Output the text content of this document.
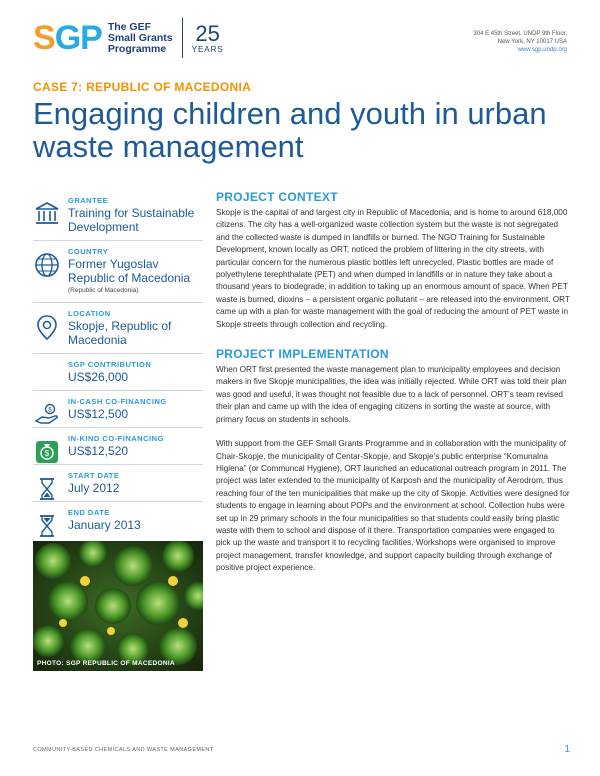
SGP The GEF
Small Grants
Programme
25
YEARS
304 E 45th Street, UNDP 9th Floor,
New York, NY 10017 USA
www.sgp.undp.org
CASE 7: REPUBLIC OF MACEDONIA
Engaging children and youth in urban waste management
GRANTEE
Training for Sustainable Development
COUNTRY
Former Yugoslav Republic of Macedonia
(Republic of Macedonia)
LOCATION
Skopje, Republic of Macedonia
SGP CONTRIBUTION
US$26,000
$
IN-CASH CO-FINANCING
US$12,500
$
IN-KIND CO-FINANCING
US$12,520
START DATE
July 2012
END DATE
January 2013
PHOTO: SGP REPUBLIC OF MACEDONIA
PROJECT CONTEXT

Skopje is the capital of and largest city in Republic of Macedonia, and is home to around 618,000 citizens. The city has a well-organized waste collection system but the waste is not segregated and the collected waste is dumped in landfills or burned. The NGO Training for Sustainable Development, known locally as ORT, noticed the problem of littering in the city streets, with particular concern for the numerous plastic bottles left unrecycled. Plastic bottles are made of polyethylene terephthalate (PET) and when dumped in landfills or in nature they take about a thousand years to biodegrade, in addition to taking up an enormous amount of space. When PET waste is burned, dioxins – a persistent organic pollutant – are released into the environment. ORT came up with a plan for waste management with the goal of reducing the amount of PET waste in Skopje streets through collection and recycling.

PROJECT IMPLEMENTATION

When ORT first presented the waste management plan to municipality employees and decision makers in five Skopje municipalities, the idea was initially rejected. While ORT was told their plan was good and useful, it was thought not feasible due to a lack of personnel. ORT’s team revised their plan and came up with the idea of engaging citizens in sorting the waste at source, with primary focus on students in schools.

With support from the GEF Small Grants Programme and in collaboration with the municipality of Chair-Skopje, the municipality of Centar-Skopje, and Skopje’s public enterprise “Komunalna Higiena” (or Communcal Hygiene), ORT launched an educational outreach program in 2011. The project was later extended to the municipality of Karposh and the municipality of Aerodrom, thus reaching four of the ten municipalities that make up the city of Skopje. Activities were designed for students to engage in learning about POPs and the environment at school. Collection hubs were set up in 29 primary schools in the four municipalities so that students could easily bring plastic waste with them to school and dispose of it there. Transportation companies were engaged to pick up the waste and transport it to recycling facilities. Workshops were organised to improve project management, transfer knowledge, and support capacity building through exchange of positive project experience.

COMMUNITY-BASED CHEMICALS AND WASTE MANAGEMENT	1
